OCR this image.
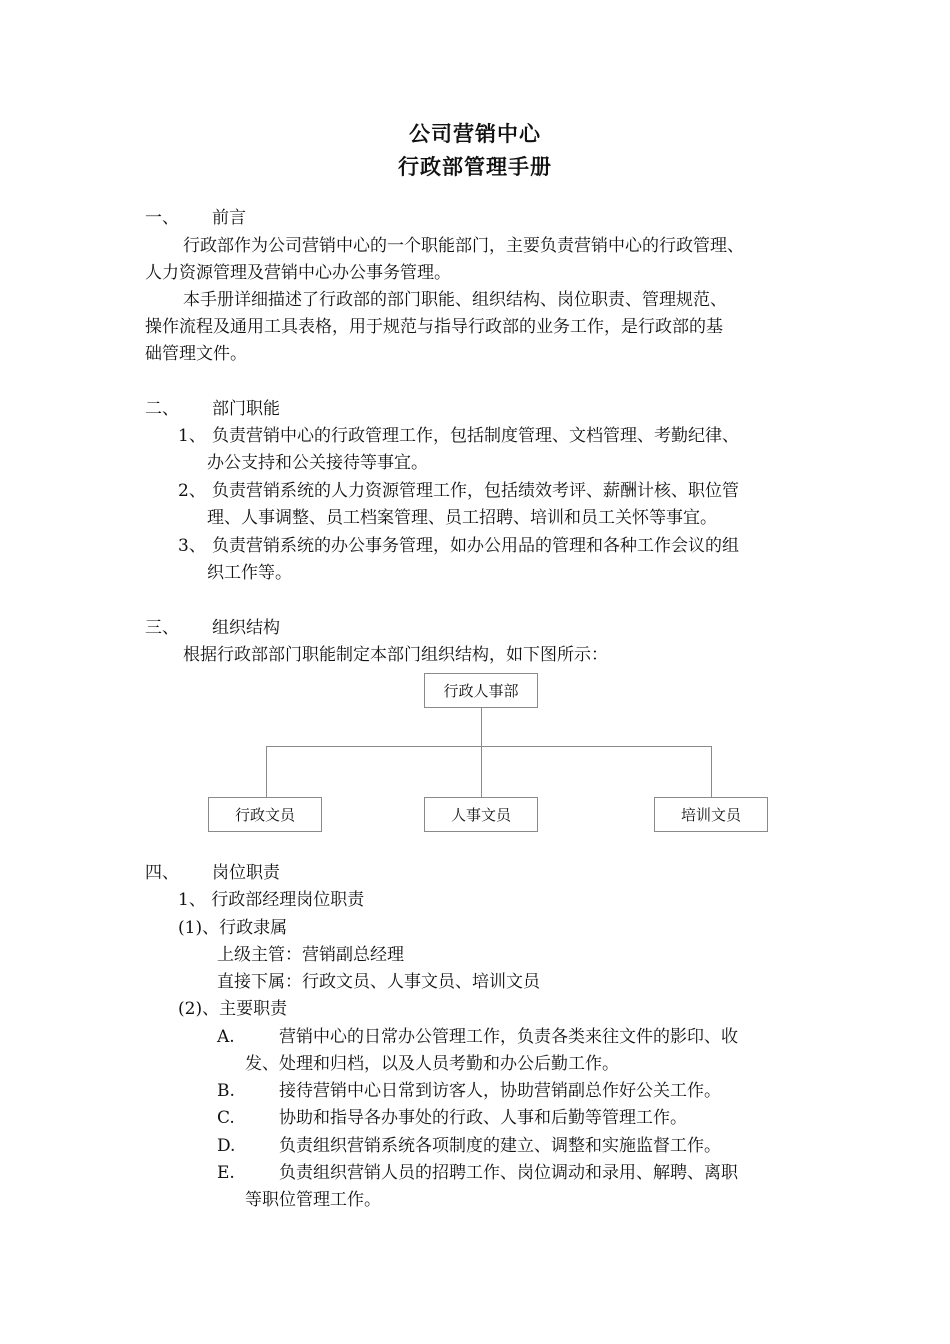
公司营销中心
行政部管理手册
一、 前言
行政部作为公司营销中心的一个职能部门，主要负责营销中心的行政管理、
人力资源管理及营销中心办公事务管理。
本手册详细描述了行政部的部门职能、组织结构、岗位职责、管理规范、
操作流程及通用工具表格，用于规范与指导行政部的业务工作，是行政部的基
础管理文件。
二、 部门职能
1、 负责营销中心的行政管理工作，包括制度管理、文档管理、考勤纪律、
办公支持和公关接待等事宜。
2、 负责营销系统的人力资源管理工作，包括绩效考评、薪酬计核、职位管
理、人事调整、员工档案管理、员工招聘、培训和员工关怀等事宜。
3、 负责营销系统的办公事务管理，如办公用品的管理和各种工作会议的组
织工作等。
三、 组织结构
根据行政部部门职能制定本部门组织结构，如下图所示：
行政人事部
行政文员	人事文员	培训文员
四、 岗位职责
1、 行政部经理岗位职责
(1)、行政隶属
上级主管：营销副总经理
直接下属：行政文员、人事文员、培训文员
(2)、主要职责
A.	营销中心的日常办公管理工作，负责各类来往文件的影印、收
发、处理和归档，以及人员考勤和办公后勤工作。
B.	接待营销中心日常到访客人，协助营销副总作好公关工作。
C.	协助和指导各办事处的行政、人事和后勤等管理工作。
D.	负责组织营销系统各项制度的建立、调整和实施监督工作。
E.	负责组织营销人员的招聘工作、岗位调动和录用、解聘、离职
等职位管理工作。
